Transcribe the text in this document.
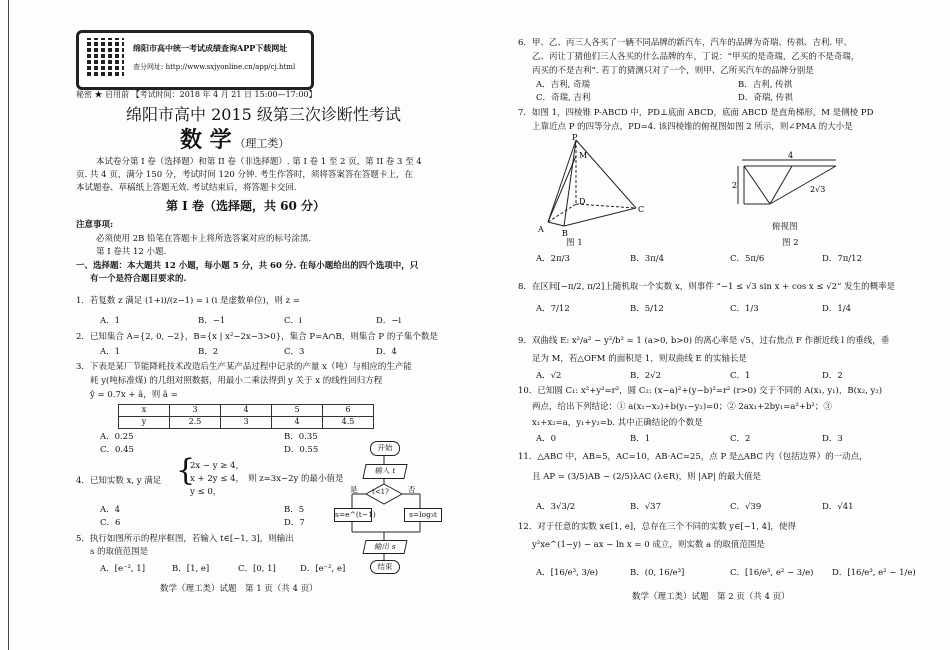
绵阳市高中统一考试成绩查询APP下载网址
查分网址: http://www.sxjyonline.cn/app/cj.html
秘密 ★ 启用前 【考试时间：2018 年 4 月 21 日 15:00—17:00】
绵阳市高中 2015 级第三次诊断性考试
数 学 （理工类）
本试卷分第 I 卷（选择题）和第 II 卷（非选择题）. 第 I 卷 1 至 2 页，第 II 卷 3 至 4
页. 共 4 页，满分 150 分，考试时间 120 分钟. 考生作答时，须将答案答在答题卡上，在
本试题卷、草稿纸上答题无效. 考试结束后，将答题卡交回.
第 I 卷（选择题，共 60 分）
注意事项:
必须使用 2B 铅笔在答题卡上将所选答案对应的标号涂黑.
第 I 卷共 12 小题.
一、选择题：本大题共 12 小题，每小题 5 分，共 60 分. 在每小题给出的四个选项中，只
有一个是符合题目要求的.
1．若复数 z 满足 (1+i)/(z−1) = i (i 是虚数单位)，则 z =
A．1	B．−1	C．i	D．−i
2．已知集合 A={2, 0, −2}，B={x | x²−2x−3>0}，集合 P=A∩B，则集合 P 的子集个数是
A．1	B．2	C．3	D．4
3．下表是某厂节能降耗技术改造后生产某产品过程中记录的产量 x（吨）与相应的生产能
耗 y(吨标准煤) 的几组对照数据，用最小二乘法得到 y 关于 x 的线性回归方程
ŷ = 0.7x + â，则 â =
x	3	4	5	6
y	2.5	3	4	4.5
A．0.25	B．0.35
C．0.45	D．0.55
4．已知实数 x, y 满足 {
2x − y ≥ 4，
x + 2y ≤ 4，
y ≤ 0，
则 z=3x−2y 的最小值是
A．4	B．5
C．6	D．7
5．执行如图所示的程序框图，若输入 t∈[−1, 3]，则输出
s 的取值范围是
A．[e⁻², 1]	B．[1, e]	C．[0, 1]	D．[e⁻², e]
开始
输入 t
t<1?
是	否
s=e^(t−1)	s=log₃t
输出 s
结束
数学（理工类）试题　第 1 页（共 4 页）
6．甲、乙、丙三人各买了一辆不同品牌的新汽车，汽车的品牌为奇瑞、传祺、吉利. 甲、
乙、丙让丁猜他们三人各买的什么品牌的车，丁说：“甲买的是奇瑞，乙买的不是奇瑞，
丙买的不是吉利”. 若丁的猜测只对了一个，则甲、乙所买汽车的品牌分别是
A．吉利, 奇瑞	B．吉利, 传祺
C．奇瑞, 吉利	D．奇瑞, 传祺
7．如图 1，四棱锥 P-ABCD 中，PD⊥底面 ABCD，底面 ABCD 是直角梯形，M 是侧棱 PD
上靠近点 P 的四等分点，PD=4. 该四棱锥的俯视图如图 2 所示，则∠PMA 的大小是
P
M
D
A B
C
图 1
4
2	2√3
俯视图
图 2
A．2π/3	B．3π/4	C．5π/6	D．7π/12
8．在区间[−π/2, π/2]上随机取一个实数 x，则事件 “−1 ≤ √3 sin x + cos x ≤ √2” 发生的概率是
A．7/12	B．5/12	C．1/3	D．1/4
9．双曲线 E: x²/a² − y²/b² = 1 (a>0, b>0) 的离心率是 √5，过右焦点 F 作渐近线 l 的垂线，垂
足为 M，若△OFM 的面积是 1，则双曲线 E 的实轴长是
A．√2	B．2√2	C．1	D．2
10．已知圆 C₁: x²+y²=r²，圆 C₂: (x−a)²+(y−b)²=r² (r>0) 交于不同的 A(x₁, y₁)，B(x₂, y₂)
两点，给出下列结论：① a(x₁−x₂)+b(y₁−y₂)=0；② 2ax₁+2by₁=a²+b²；③
x₁+x₂=a，y₁+y₂=b. 其中正确结论的个数是
A．0	B．1	C．2	D．3
11．△ABC 中，AB=5，AC=10，AB·AC=25，点 P 是△ABC 内（包括边界）的一动点，
且 AP = (3/5)AB − (2/5)λAC (λ∈R)，则 |AP| 的最大值是
A．3√3/2	B．√37	C．√39	D．√41
12．对于任意的实数 x∈[1, e]，总存在三个不同的实数 y∈[−1, 4]，使得
y²xe^(1−y) − ax − ln x = 0 成立，则实数 a 的取值范围是
A．[16/e³, 3/e)	B．(0, 16/e³]	C．[16/e³, e² − 3/e) D．[16/e³, e² − 1/e)
数学（理工类）试题　第 2 页（共 4 页）
